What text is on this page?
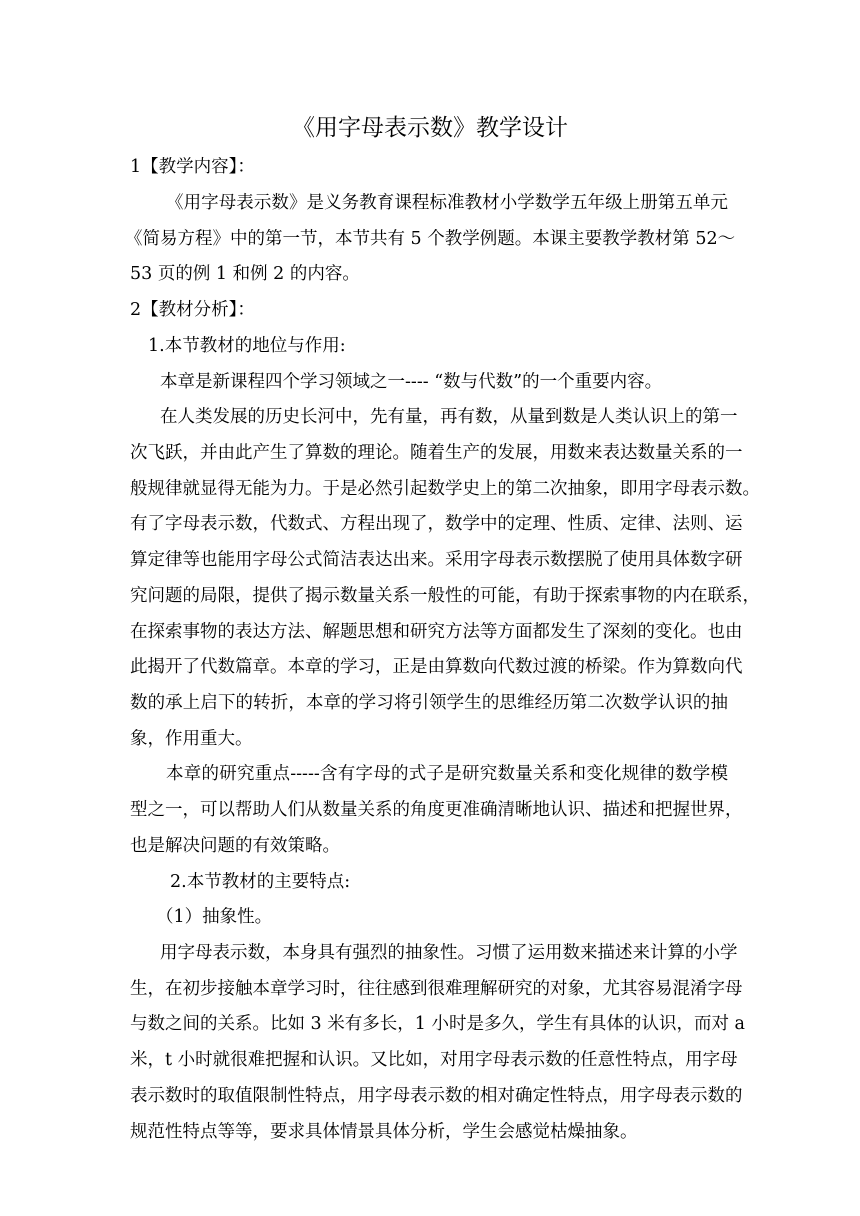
《用字母表示数》教学设计
1【教学内容】：
《用字母表示数》是义务教育课程标准教材小学数学五年级上册第五单元
《简易方程》中的第一节，本节共有 5 个教学例题。本课主要教学教材第 52～
53 页的例 1 和例 2 的内容。
2【教材分析】：
1.本节教材的地位与作用:
本章是新课程四个学习领域之一---- “数与代数”的一个重要内容。
在人类发展的历史长河中，先有量，再有数，从量到数是人类认识上的第一
次飞跃，并由此产生了算数的理论。随着生产的发展，用数来表达数量关系的一
般规律就显得无能为力。于是必然引起数学史上的第二次抽象，即用字母表示数。
有了字母表示数，代数式、方程出现了，数学中的定理、性质、定律、法则、运
算定律等也能用字母公式简洁表达出来。采用字母表示数摆脱了使用具体数字研
究问题的局限，提供了揭示数量关系一般性的可能，有助于探索事物的内在联系，
在探索事物的表达方法、解题思想和研究方法等方面都发生了深刻的变化。也由
此揭开了代数篇章。本章的学习，正是由算数向代数过渡的桥梁。作为算数向代
数的承上启下的转折，本章的学习将引领学生的思维经历第二次数学认识的抽
象，作用重大。
本章的研究重点-----含有字母的式子是研究数量关系和变化规律的数学模
型之一，可以帮助人们从数量关系的角度更准确清晰地认识、描述和把握世界，
也是解决问题的有效策略。
2.本节教材的主要特点:
（1）抽象性。
用字母表示数，本身具有强烈的抽象性。习惯了运用数来描述来计算的小学
生，在初步接触本章学习时，往往感到很难理解研究的对象，尤其容易混淆字母
与数之间的关系。比如 3 米有多长，1 小时是多久，学生有具体的认识，而对 a
米，t 小时就很难把握和认识。又比如，对用字母表示数的任意性特点，用字母
表示数时的取值限制性特点，用字母表示数的相对确定性特点，用字母表示数的
规范性特点等等，要求具体情景具体分析，学生会感觉枯燥抽象。
